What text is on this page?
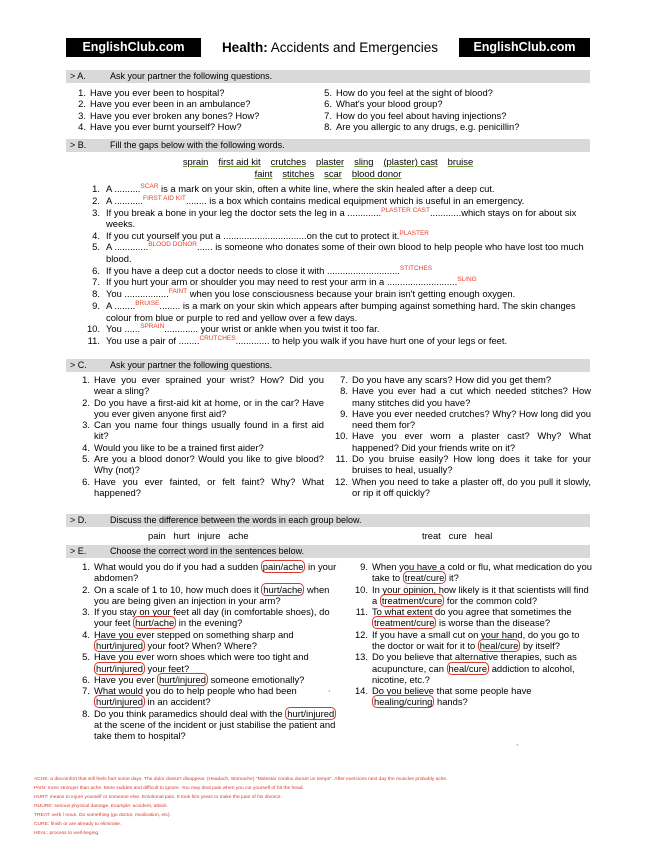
EnglishClub.com	Health: Accidents and Emergencies	EnglishClub.com
> A.	Ask your partner the following questions.
1. Have you ever been to hospital?
2. Have you ever been in an ambulance?
3. Have you ever broken any bones? How?
4. Have you ever burnt yourself? How?
5. How do you feel at the sight of blood?
6. What's your blood group?
7. How do you feel about having injections?
8. Are you allergic to any drugs, e.g. penicillin?
> B.	Fill the gaps below with the following words.
sprain first aid kit crutches plaster sling (plaster) cast bruise
faint stitches scar blood donor
1. A ..........$^{SCAR}$ is a mark on your skin, often a white line, where the skin healed after a deep cut.
2. A ...........$^{FIRST AID KIT}$........ is a box which contains medical equipment which is useful in an emergency.
3. If you break a bone in your leg the doctor sets the leg in a .............$^{PLASTER CAST}$............which stays on for about six weeks.
4. If you cut yourself you put a ................................on the cut to protect it.$^{PLASTER}$
5. A .............$^{BLOOD DONOR}$...... is someone who donates some of their own blood to help people who have lost too much blood.
6. If you have a deep cut a doctor needs to close it with ............................$^{STITCHES}$
7. If you hurt your arm or shoulder you may need to rest your arm in a ...........................$^{SLING}$
8. You .................$^{FAINT}$ when you lose consciousness because your brain isn't getting enough oxygen.
9. A ........$^{BRUISE}$........ is a mark on your skin which appears after bumping against something hard. The skin changes colour from blue or purple to red and yellow over a few days.
10. You ......$^{SPRAIN}$............. your wrist or ankle when you twist it too far.
11. You use a pair of ........$^{CRUTCHES}$............. to help you walk if you have hurt one of your legs or feet.
> C.	Ask your partner the following questions.
1. Have you ever sprained your wrist? How? Did you wear a sling?
2. Do you have a first-aid kit at home, or in the car? Have you ever given anyone first aid?
3. Can you name four things usually found in a first aid kit?
4. Would you like to be a trained first aider?
5. Are you a blood donor? Would you like to give blood? Why (not)?
6. Have you ever fainted, or felt faint? Why? What happened?
7. Do you have any scars? How did you get them?
8. Have you ever had a cut which needed stitches? How many stitches did you have?
9. Have you ever needed crutches? Why? How long did you need them for?
10. Have you ever worn a plaster cast? Why? What happened? Did your friends write on it?
11. Do you bruise easily? How long does it take for your bruises to heal, usually?
12. When you need to take a plaster off, do you pull it slowly, or rip it off quickly?
> D.	Discuss the difference between the words in each group below.
pain   hurt   injure   ache	treat   cure   heal
> E.	Choose the correct word in the sentences below.
1. What would you do if you had a sudden pain/ache in your abdomen?
2. On a scale of 1 to 10, how much does it hurt/ache when you are being given an injection in your arm?
3. If you stay on your feet all day (in comfortable shoes), do your feet hurt/ache in the evening?
4. Have you ever stepped on something sharp and hurt/injured your foot? When? Where?
5. Have you ever worn shoes which were too tight and hurt/injured your feet?
6. Have you ever hurt/injured someone emotionally?
7. What would you do to help people who had been hurt/injured in an accident?
8. Do you think paramedics should deal with the hurt/injured at the scene of the incident or just stabilise the patient and take them to hospital?
9. When you have a cold or flu, what medication do you take to treat/cure it?
10. In your opinion, how likely is it that scientists will find a treatment/cure for the common cold?
11. To what extent do you agree that sometimes the treatment/cure is worse than the disease?
12. If you have a small cut on your hand, do you go to the doctor or wait for it to heal/cure by itself?
13. Do you believe that alternative therapies, such as acupuncture, can heal/cure addiction to alcohol, nicotine, etc.?
14. Do you believe that some people have healing/curing hands?
,
,
ACHE: a discomfort that still feels hurt some days. The dolor doesn't disappear. (Headach, Stomache) "Molestar continu durant un temps". After exercices next day the muscles probably ache.
PAIN: more stronger than ache. More sudden and difficult to ignore. You may deal pain when you cut yourself of hit the head.
HURT: means to injure yourself or someone else. Emotional pain. It took him years to make the pain of his divorce.
INJURE: serious physical damage. Example: accident, attack.
TREAT: verb / noun. Do something (go doctor, medication, etc).
CURE: finish or are already to eliminate.
HEAL: process to well-beging.
